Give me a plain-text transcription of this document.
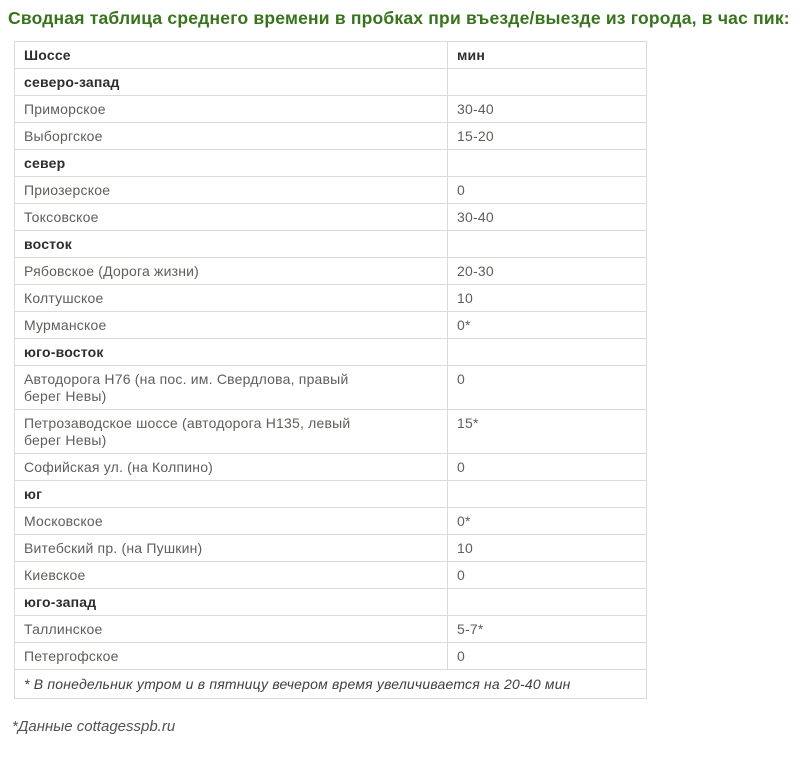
Сводная таблица среднего времени в пробках при въезде/выезде из города, в час пик:
Шоссе	мин
северо-запад	
Приморское	30-40
Выборгское	15-20
север	
Приозерское	0
Токсовское	30-40
восток	
Рябовское (Дорога жизни)	20-30
Колтушское	10
Мурманское	0*
юго-восток	
Автодорога Н76 (на пос. им. Свердлова, правый берег Невы)	0
Петрозаводское шоссе (автодорога Н135, левый берег Невы)	15*
Софийская ул. (на Колпино)	0
юг	
Московское	0*
Витебский пр. (на Пушкин)	10
Киевское	0
юго-запад	
Таллинское	5-7*
Петергофское	0
* В понедельник утром и в пятницу вечером время увеличивается на 20-40 мин	

*Данные cottagesspb.ru
